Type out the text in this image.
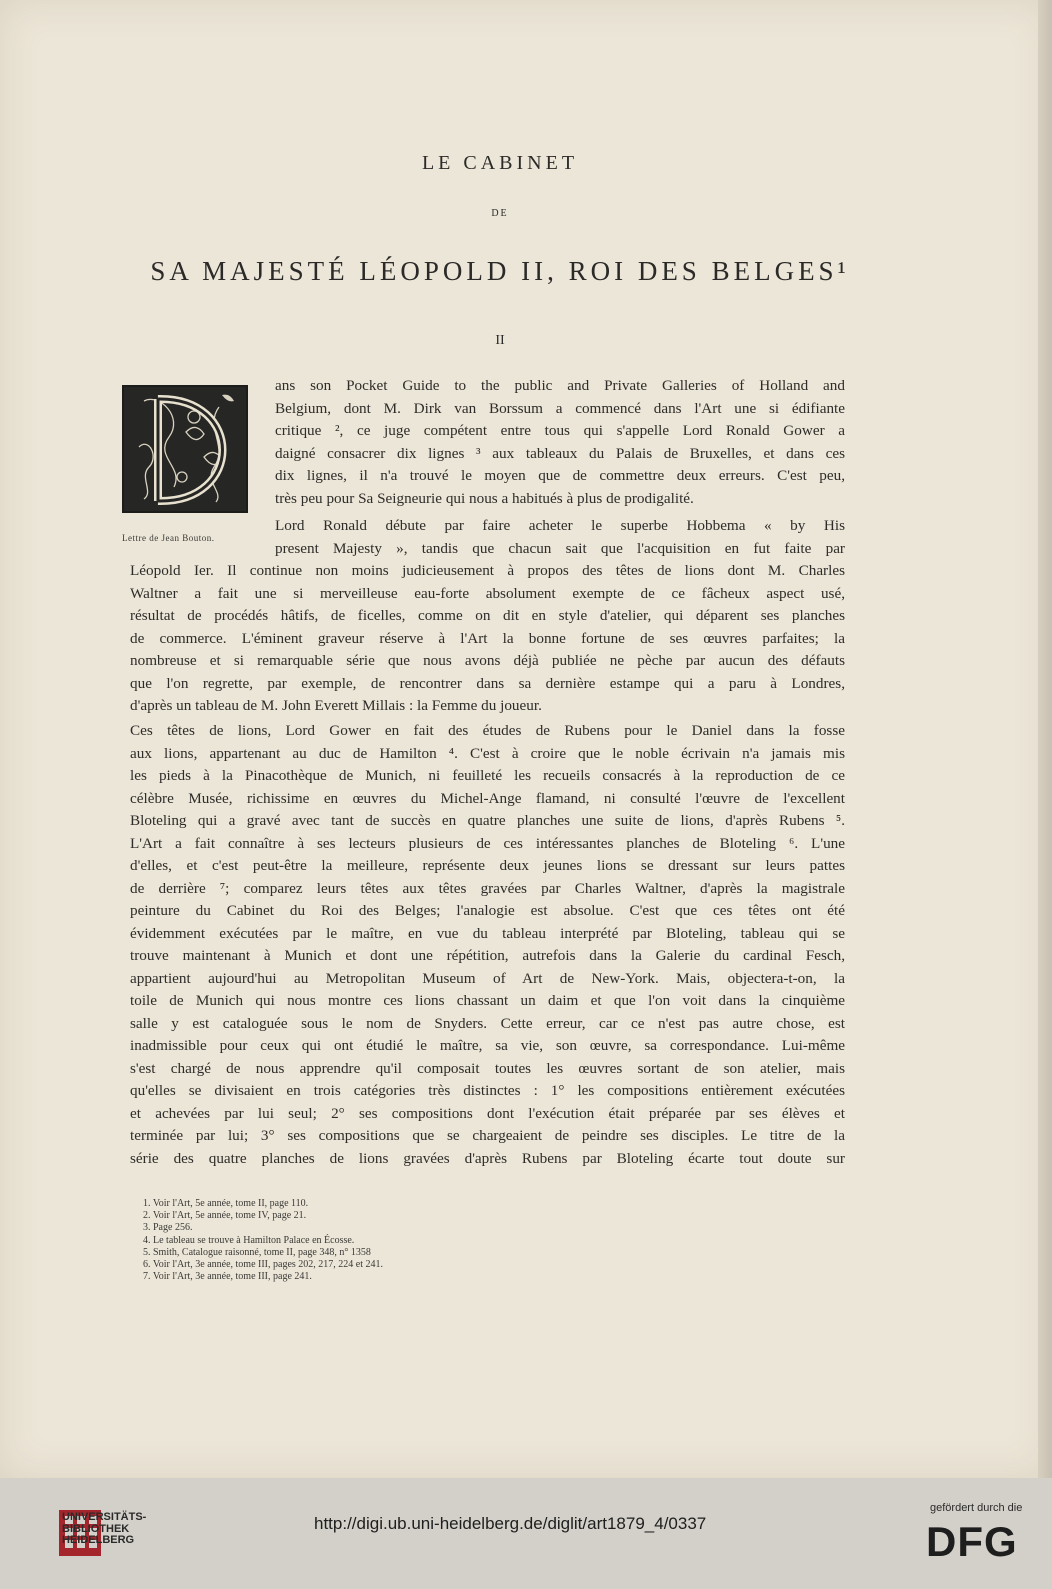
LE CABINET
DE
SA MAJESTÉ LÉOPOLD II, ROI DES BELGES¹
II
Lettre de Jean Bouton.
ans son Pocket Guide to the public and Private Galleries of Holland and
Belgium, dont M. Dirk van Borssum a commencé dans l'Art une si édifiante
critique ², ce juge compétent entre tous qui s'appelle Lord Ronald Gower a
daigné consacrer dix lignes ³ aux tableaux du Palais de Bruxelles, et dans ces
dix lignes, il n'a trouvé le moyen que de commettre deux erreurs. C'est peu,
très peu pour Sa Seigneurie qui nous a habitués à plus de prodigalité.
Lord Ronald débute par faire acheter le superbe Hobbema « by His
present Majesty », tandis que chacun sait que l'acquisition en fut faite par
Léopold Ier. Il continue non moins judicieusement à propos des têtes de lions dont M. Charles
Waltner a fait une si merveilleuse eau-forte absolument exempte de ce fâcheux aspect usé,
résultat de procédés hâtifs, de ficelles, comme on dit en style d'atelier, qui déparent ses planches
de commerce. L'éminent graveur réserve à l'Art la bonne fortune de ses œuvres parfaites; la
nombreuse et si remarquable série que nous avons déjà publiée ne pèche par aucun des défauts
que l'on regrette, par exemple, de rencontrer dans sa dernière estampe qui a paru à Londres,
d'après un tableau de M. John Everett Millais : la Femme du joueur.
Ces têtes de lions, Lord Gower en fait des études de Rubens pour le Daniel dans la fosse
aux lions, appartenant au duc de Hamilton ⁴. C'est à croire que le noble écrivain n'a jamais mis
les pieds à la Pinacothèque de Munich, ni feuilleté les recueils consacrés à la reproduction de ce
célèbre Musée, richissime en œuvres du Michel-Ange flamand, ni consulté l'œuvre de l'excellent
Bloteling qui a gravé avec tant de succès en quatre planches une suite de lions, d'après Rubens ⁵.
L'Art a fait connaître à ses lecteurs plusieurs de ces intéressantes planches de Bloteling ⁶. L'une
d'elles, et c'est peut-être la meilleure, représente deux jeunes lions se dressant sur leurs pattes
de derrière ⁷; comparez leurs têtes aux têtes gravées par Charles Waltner, d'après la magistrale
peinture du Cabinet du Roi des Belges; l'analogie est absolue. C'est que ces têtes ont été
évidemment exécutées par le maître, en vue du tableau interprété par Bloteling, tableau qui se
trouve maintenant à Munich et dont une répétition, autrefois dans la Galerie du cardinal Fesch,
appartient aujourd'hui au Metropolitan Museum of Art de New-York. Mais, objectera-t-on, la
toile de Munich qui nous montre ces lions chassant un daim et que l'on voit dans la cinquième
salle y est cataloguée sous le nom de Snyders. Cette erreur, car ce n'est pas autre chose, est
inadmissible pour ceux qui ont étudié le maître, sa vie, son œuvre, sa correspondance. Lui-même
s'est chargé de nous apprendre qu'il composait toutes les œuvres sortant de son atelier, mais
qu'elles se divisaient en trois catégories très distinctes : 1° les compositions entièrement exécutées
et achevées par lui seul; 2° ses compositions dont l'exécution était préparée par ses élèves et
terminée par lui; 3° ses compositions que se chargeaient de peindre ses disciples. Le titre de la
série des quatre planches de lions gravées d'après Rubens par Bloteling écarte tout doute sur
1. Voir l'Art, 5e année, tome II, page 110.
2. Voir l'Art, 5e année, tome IV, page 21.
3. Page 256.
4. Le tableau se trouve à Hamilton Palace en Écosse.
5. Smith, Catalogue raisonné, tome II, page 348, n° 1358
6. Voir l'Art, 3e année, tome III, pages 202, 217, 224 et 241.
7. Voir l'Art, 3e année, tome III, page 241.
UNIVERSITÄTS-
BIBLIOTHEK
HEIDELBERG
http://digi.ub.uni-heidelberg.de/diglit/art1879_4/0337
gefördert durch die
DFG
